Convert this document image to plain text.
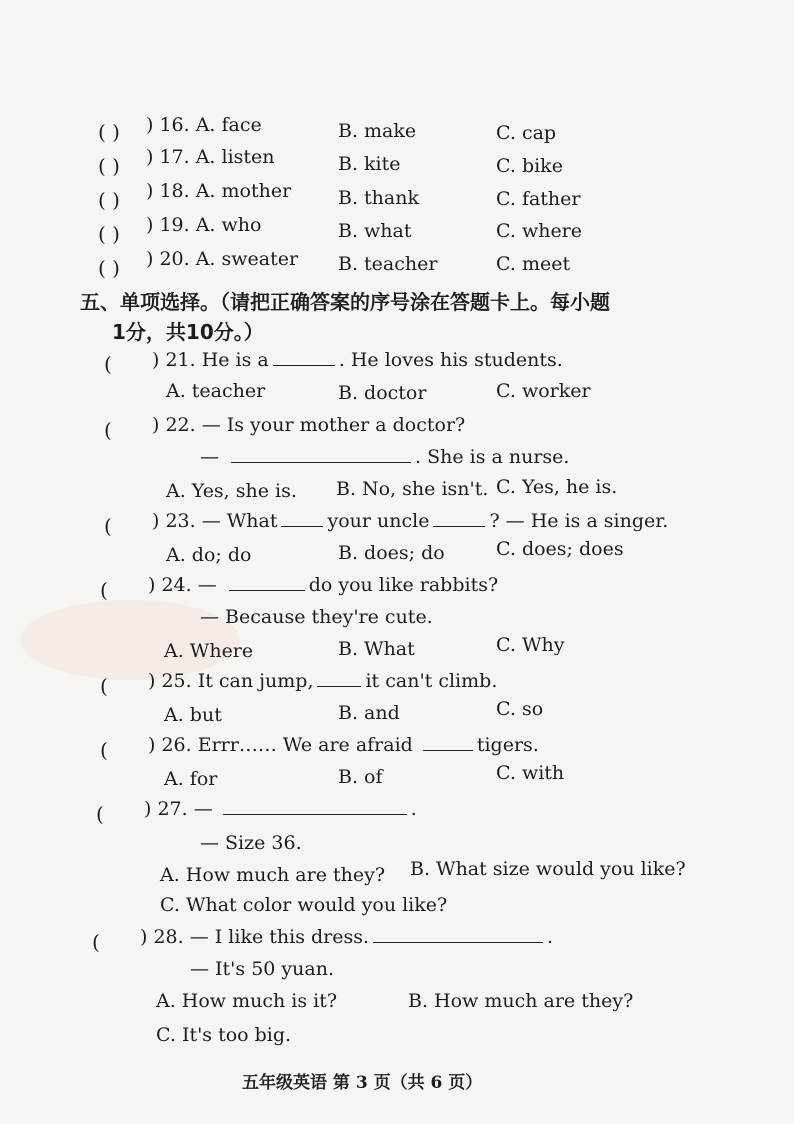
( ) ) 16. A. face	B. make	C. cap
( ) ) 17. A. listen	B. kite	C. bike
( ) ) 18. A. mother B. thank	C. father
( ) ) 19. A. who	B. what	C. where
( ) ) 20. A. sweater B. teacher	C. meet
五、单项选择。（请把正确答案的序号涂在答题卡上。每小题
1分，共10分。）
( ) 21. He is a	. He loves his students.
A. teacher	B. doctor	C. worker
( ) 22. — Is your mother a doctor?
—	. She is a nurse.
A. Yes, she is. B. No, she isn't. C. Yes, he is.
( ) 23. — What	your uncle	? — He is a singer.
A. do; do	B. does; do	C. does; does
( ) 24. —	do you like rabbits?
— Because they're cute.
A. Where	B. What	C. Why
( ) 25. It can jump,	it can't climb.
A. but	B. and	C. so
( ) 26. Errr…… We are afraid	tigers.
A. for	B. of	C. with
( ) 27. —	.
— Size 36.
A. How much are they? B. What size would you like?
C. What color would you like?
( ) 28. — I like this dress.	.
— It's 50 yuan.
A. How much is it?	B. How much are they?
C. It's too big.
五年级英语 第 3 页（共 6 页）
